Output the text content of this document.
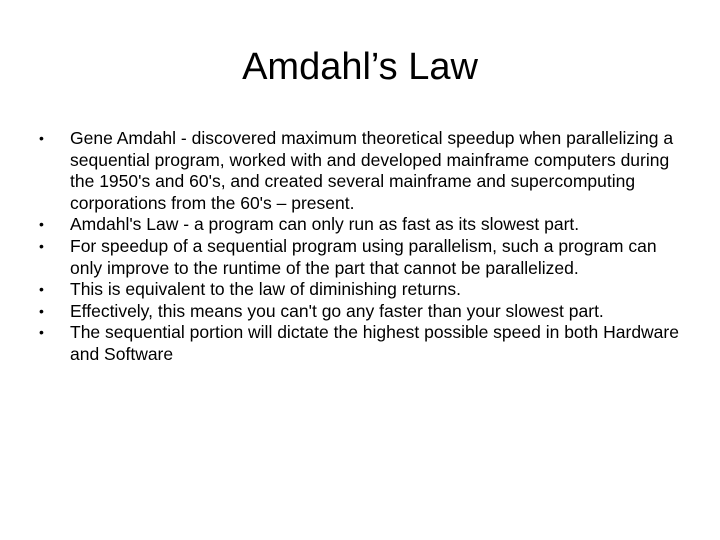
Amdahl’s Law
• Gene Amdahl - discovered maximum theoretical speedup when parallelizing a sequential program, worked with and developed mainframe computers during the 1950's and 60's, and created several mainframe and supercomputing corporations from the 60's – present.
• Amdahl's Law - a program can only run as fast as its slowest part.
• For speedup of a sequential program using parallelism, such a program can only improve to the runtime of the part that cannot be parallelized.
• This is equivalent to the law of diminishing returns.
• Effectively, this means you can't go any faster than your slowest part.
• The sequential portion will dictate the highest possible speed in both Hardware and Software
